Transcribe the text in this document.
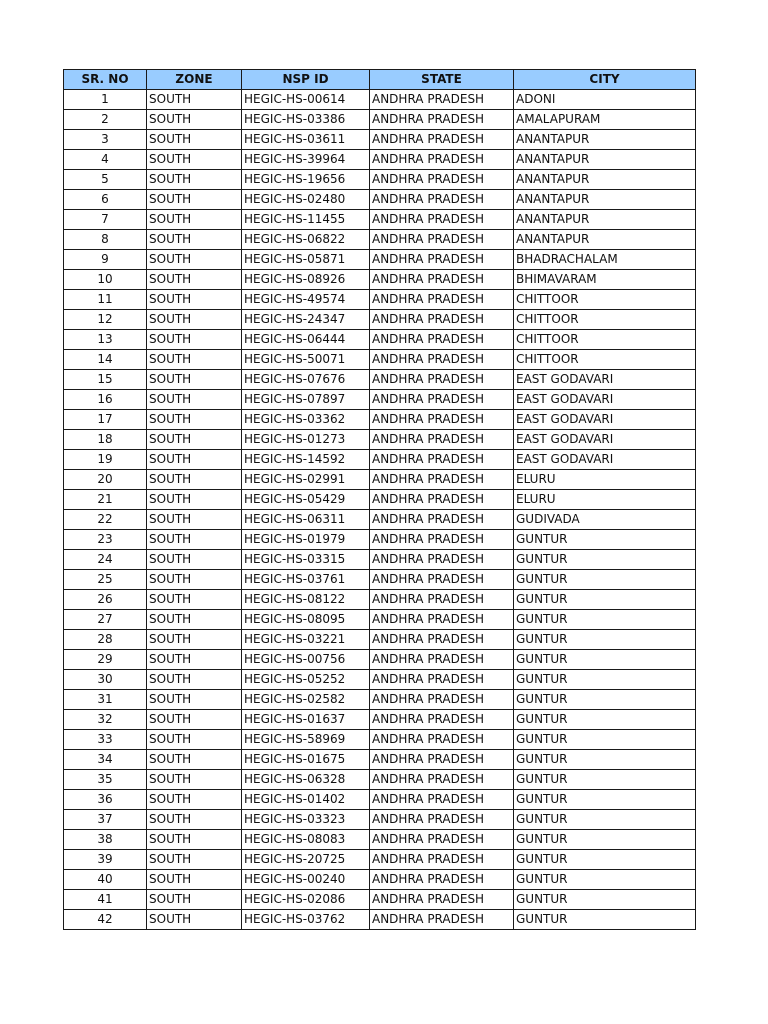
SR. NO	ZONE	NSP ID	STATE	CITY
1	SOUTH	HEGIC-HS-00614	ANDHRA PRADESH	ADONI
2	SOUTH	HEGIC-HS-03386	ANDHRA PRADESH	AMALAPURAM
3	SOUTH	HEGIC-HS-03611	ANDHRA PRADESH	ANANTAPUR
4	SOUTH	HEGIC-HS-39964	ANDHRA PRADESH	ANANTAPUR
5	SOUTH	HEGIC-HS-19656	ANDHRA PRADESH	ANANTAPUR
6	SOUTH	HEGIC-HS-02480	ANDHRA PRADESH	ANANTAPUR
7	SOUTH	HEGIC-HS-11455	ANDHRA PRADESH	ANANTAPUR
8	SOUTH	HEGIC-HS-06822	ANDHRA PRADESH	ANANTAPUR
9	SOUTH	HEGIC-HS-05871	ANDHRA PRADESH	BHADRACHALAM
10	SOUTH	HEGIC-HS-08926	ANDHRA PRADESH	BHIMAVARAM
11	SOUTH	HEGIC-HS-49574	ANDHRA PRADESH	CHITTOOR
12	SOUTH	HEGIC-HS-24347	ANDHRA PRADESH	CHITTOOR
13	SOUTH	HEGIC-HS-06444	ANDHRA PRADESH	CHITTOOR
14	SOUTH	HEGIC-HS-50071	ANDHRA PRADESH	CHITTOOR
15	SOUTH	HEGIC-HS-07676	ANDHRA PRADESH	EAST GODAVARI
16	SOUTH	HEGIC-HS-07897	ANDHRA PRADESH	EAST GODAVARI
17	SOUTH	HEGIC-HS-03362	ANDHRA PRADESH	EAST GODAVARI
18	SOUTH	HEGIC-HS-01273	ANDHRA PRADESH	EAST GODAVARI
19	SOUTH	HEGIC-HS-14592	ANDHRA PRADESH	EAST GODAVARI
20	SOUTH	HEGIC-HS-02991	ANDHRA PRADESH	ELURU
21	SOUTH	HEGIC-HS-05429	ANDHRA PRADESH	ELURU
22	SOUTH	HEGIC-HS-06311	ANDHRA PRADESH	GUDIVADA
23	SOUTH	HEGIC-HS-01979	ANDHRA PRADESH	GUNTUR
24	SOUTH	HEGIC-HS-03315	ANDHRA PRADESH	GUNTUR
25	SOUTH	HEGIC-HS-03761	ANDHRA PRADESH	GUNTUR
26	SOUTH	HEGIC-HS-08122	ANDHRA PRADESH	GUNTUR
27	SOUTH	HEGIC-HS-08095	ANDHRA PRADESH	GUNTUR
28	SOUTH	HEGIC-HS-03221	ANDHRA PRADESH	GUNTUR
29	SOUTH	HEGIC-HS-00756	ANDHRA PRADESH	GUNTUR
30	SOUTH	HEGIC-HS-05252	ANDHRA PRADESH	GUNTUR
31	SOUTH	HEGIC-HS-02582	ANDHRA PRADESH	GUNTUR
32	SOUTH	HEGIC-HS-01637	ANDHRA PRADESH	GUNTUR
33	SOUTH	HEGIC-HS-58969	ANDHRA PRADESH	GUNTUR
34	SOUTH	HEGIC-HS-01675	ANDHRA PRADESH	GUNTUR
35	SOUTH	HEGIC-HS-06328	ANDHRA PRADESH	GUNTUR
36	SOUTH	HEGIC-HS-01402	ANDHRA PRADESH	GUNTUR
37	SOUTH	HEGIC-HS-03323	ANDHRA PRADESH	GUNTUR
38	SOUTH	HEGIC-HS-08083	ANDHRA PRADESH	GUNTUR
39	SOUTH	HEGIC-HS-20725	ANDHRA PRADESH	GUNTUR
40	SOUTH	HEGIC-HS-00240	ANDHRA PRADESH	GUNTUR
41	SOUTH	HEGIC-HS-02086	ANDHRA PRADESH	GUNTUR
42	SOUTH	HEGIC-HS-03762	ANDHRA PRADESH	GUNTUR
